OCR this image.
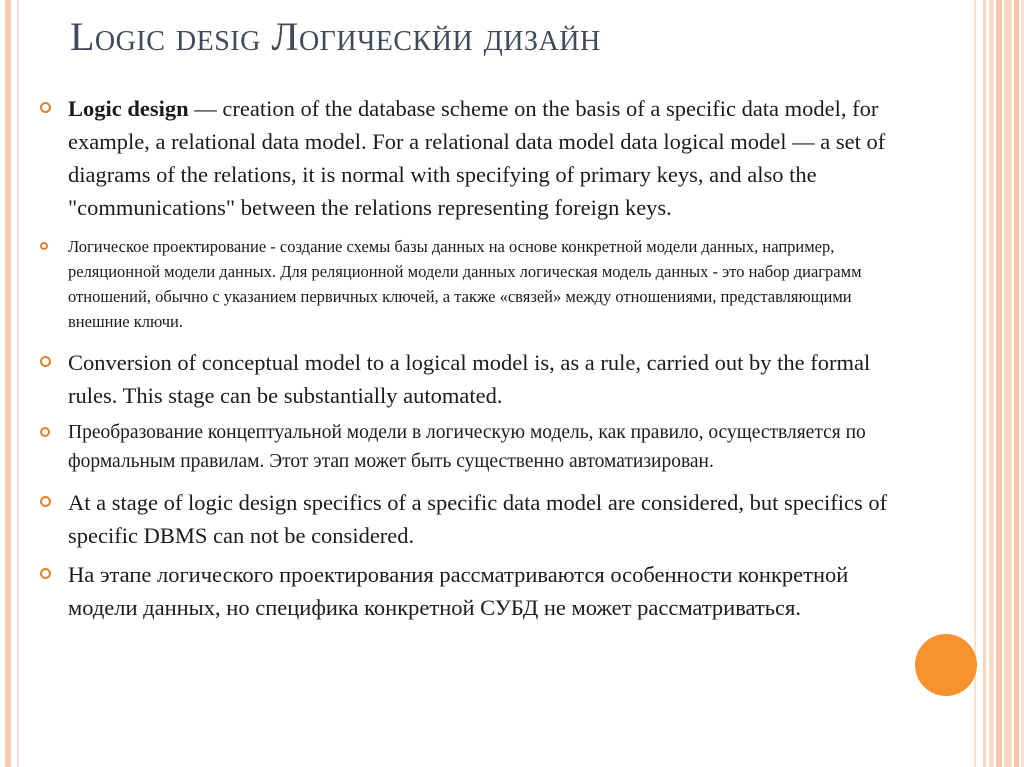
Logic desig Логическйи дизайн
Logic design — creation of the database scheme on the basis of a specific data model, for example, a relational data model. For a relational data model data logical model — a set of diagrams of the relations, it is normal with specifying of primary keys, and also the "communications" between the relations representing foreign keys.
Логическое проектирование - создание схемы базы данных на основе конкретной модели данных, например, реляционной модели данных. Для реляционной модели данных логическая модель данных - это набор диаграмм отношений, обычно с указанием первичных ключей, а также «связей» между отношениями, представляющими внешние ключи.
Conversion of conceptual model to a logical model is, as a rule, carried out by the formal rules. This stage can be substantially automated.
Преобразование концептуальной модели в логическую модель, как правило, осуществляется по формальным правилам. Этот этап может быть существенно автоматизирован.
At a stage of logic design specifics of a specific data model are considered, but specifics of specific DBMS can not be considered.
На этапе логического проектирования рассматриваются особенности конкретной модели данных, но специфика конкретной СУБД не может рассматриваться.
